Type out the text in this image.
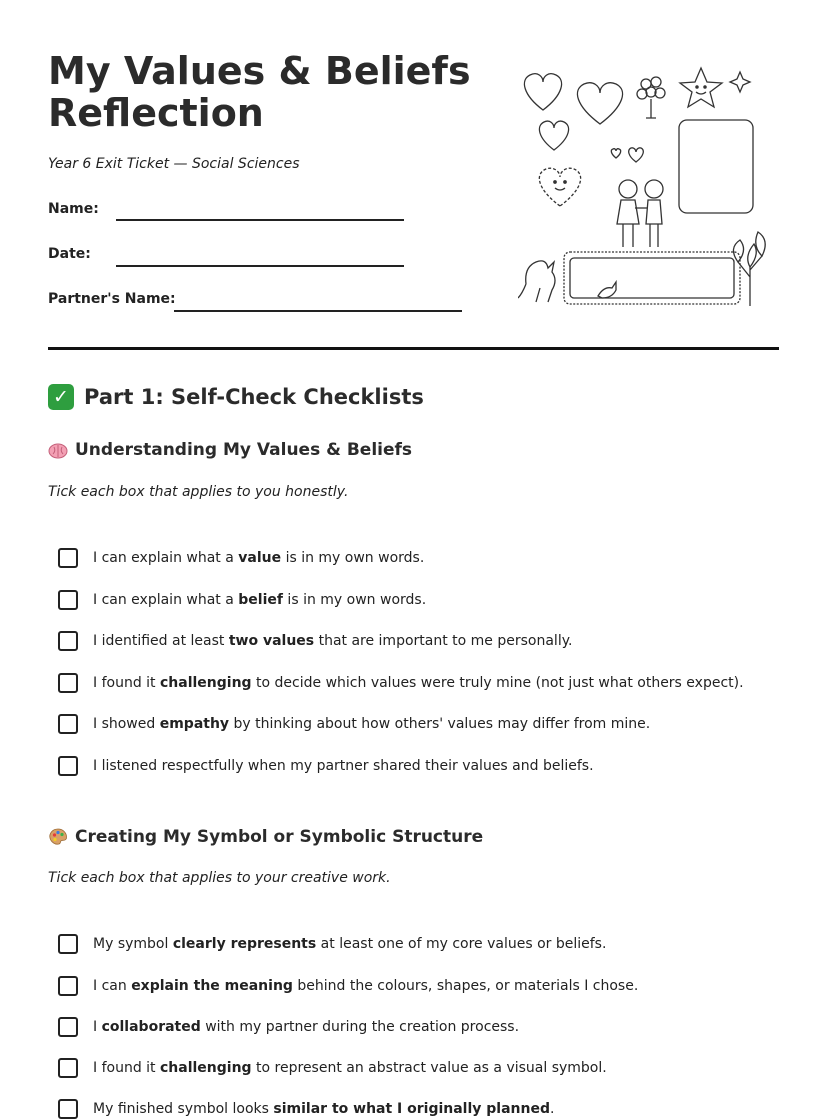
My Values & Beliefs
Reflection
Year 6 Exit Ticket — Social Sciences
Name:
Date:
Partner's Name:
✓ Part 1: Self-Check Checklists
Understanding My Values & Beliefs
Tick each box that applies to you honestly.
I can explain what a value is in my own words.
I can explain what a belief is in my own words.
I identified at least two values that are important to me personally.
I found it challenging to decide which values were truly mine (not just what others expect).
I showed empathy by thinking about how others' values may differ from mine.
I listened respectfully when my partner shared their values and beliefs.
Creating My Symbol or Symbolic Structure
Tick each box that applies to your creative work.
My symbol clearly represents at least one of my core values or beliefs.
I can explain the meaning behind the colours, shapes, or materials I chose.
I collaborated with my partner during the creation process.
I found it challenging to represent an abstract value as a visual symbol.
My finished symbol looks similar to what I originally planned.
